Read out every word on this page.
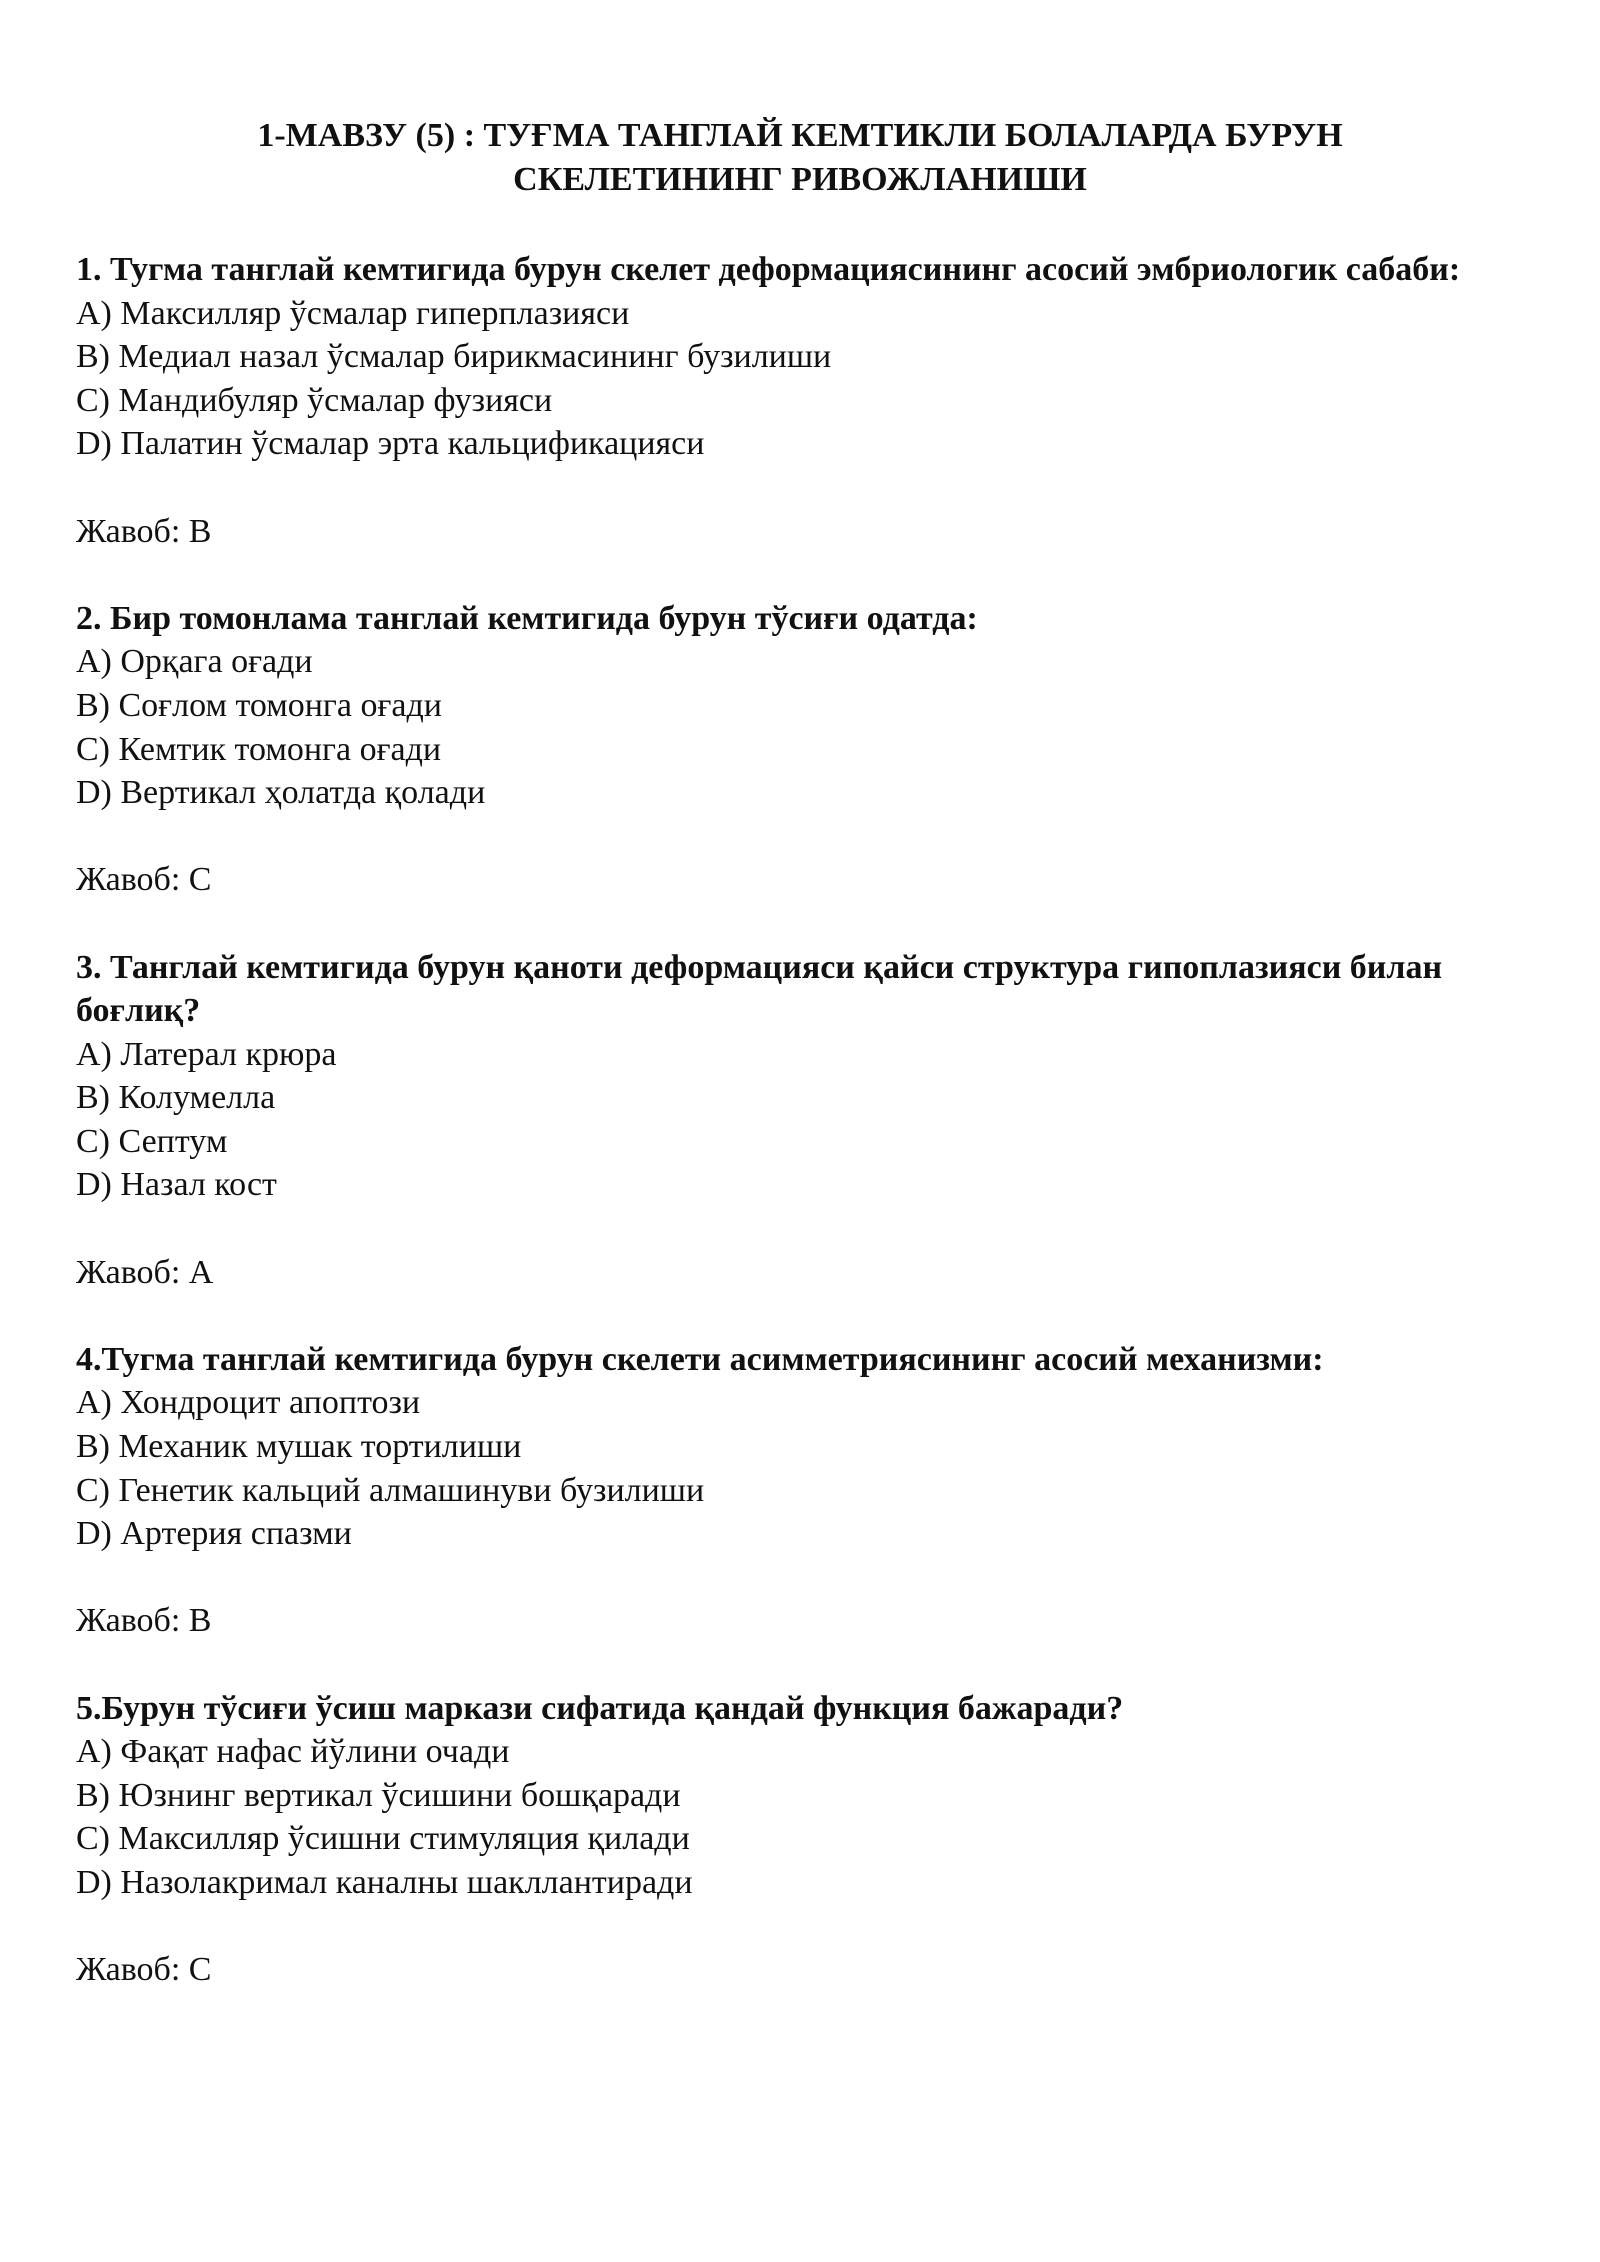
1-МАВЗУ (5) : ТУҒМА ТАНГЛАЙ КЕМТИКЛИ БОЛАЛАРДА БУРУН
СКЕЛЕТИНИНГ РИВОЖЛАНИШИ
1. Тугма танглай кемтигида бурун скелет деформациясининг асосий эмбриологик сабаби:
A) Максилляр ўсмалар гиперплазияси
B) Медиал назал ўсмалар бирикмасининг бузилиши
C) Мандибуляр ўсмалар фузияси
D) Палатин ўсмалар эрта кальцификацияси
Жавоб: B
2. Бир томонлама танглай кемтигида бурун тўсиғи одатда:
A) Орқага оғади
B) Соғлом томонга оғади
C) Кемтик томонга оғади
D) Вертикал ҳолатда қолади
Жавоб: C
3. Танглай кемтигида бурун қаноти деформацияси қайси структура гипоплазияси билан боғлиқ?
A) Латерал крюра
B) Колумелла
C) Септум
D) Назал кост
Жавоб: A
4.Тугма танглай кемтигида бурун скелети асимметриясининг асосий механизми:
A) Хондроцит апоптози
B) Механик мушак тортилиши
C) Генетик кальций алмашинуви бузилиши
D) Артерия спазми
Жавоб: B
5.Бурун тўсиғи ўсиш маркази сифатида қандай функция бажаради?
A) Фақат нафас йўлини очади
B) Юзнинг вертикал ўсишини бошқаради
C) Максилляр ўсишни стимуляция қилади
D) Назолакримал каналны шакллантиради
Жавоб: C
